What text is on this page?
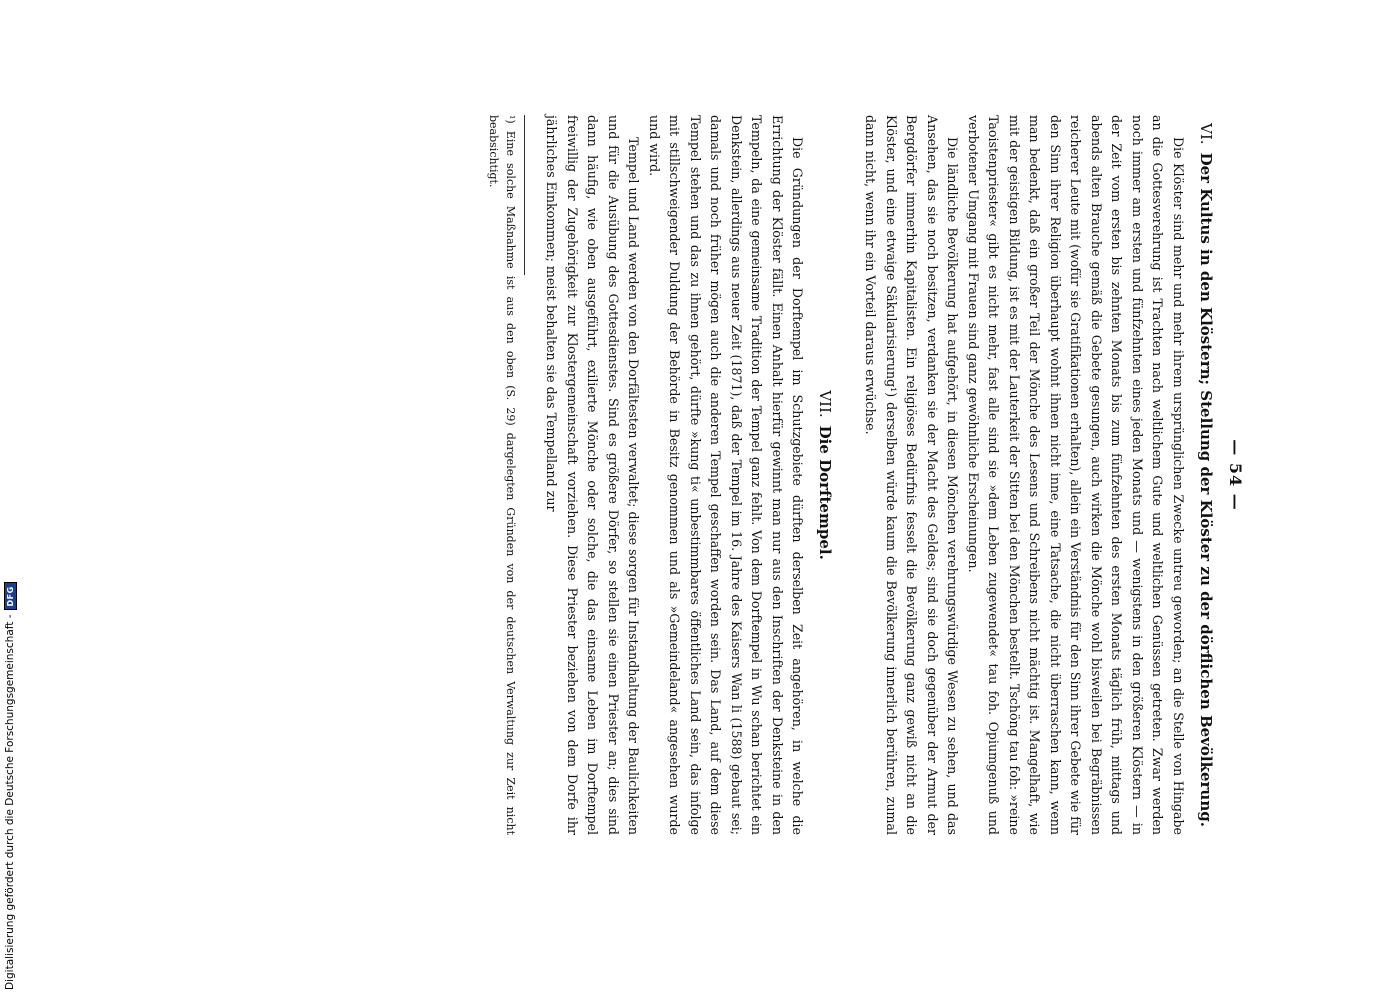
— 54 —
VI.Der Kultus in den Klöstern; Stellung der Klöster zu der dörflichen Bevölkerung.

Die Klöster sind mehr und mehr ihrem ursprünglichen Zwecke untreu geworden; an die Stelle von Hingabe an die Gottesverehrung ist Trachten nach weltlichem Gute und weltlichen Genüssen getreten. Zwar werden noch immer am ersten und fünfzehnten eines jeden Monats und — wenigstens in den größeren Klöstern — in der Zeit vom ersten bis zehnten Monats bis zum fünfzehnten des ersten Monats täglich früh, mittags und abends alten Brauche gemäß die Gebete gesungen, auch wirken die Mönche wohl bisweilen bei Begräbnissen reicherer Leute mit (wofür sie Gratifikationen erhalten), allein ein Verständnis für den Sinn ihrer Gebete wie für den Sinn ihrer Religion überhaupt wohnt ihnen nicht inne, eine Tatsache, die nicht überraschen kann, wenn man bedenkt, daß ein großer Teil der Mönche des Lesens und Schreibens nicht mächtig ist. Mangelhaft, wie mit der geistigen Bildung, ist es mit der Lauterkeit der Sitten bei den Mönchen bestellt. Tschöng tau foh: »reine Taoistenpriester« gibt es nicht mehr, fast alle sind sie »dem Leben zugewendet« tau foh. Opiumgenuß und verbotener Umgang mit Frauen sind ganz gewöhnliche Erscheinungen.

Die ländliche Bevölkerung hat aufgehört, in diesen Mönchen verehrungswürdige Wesen zu sehen, und das Ansehen, das sie noch besitzen, verdanken sie der Macht des Geldes; sind sie doch gegenüber der Armut der Bergdörfer immerhin Kapitalisten. Ein religiöses Bedürfnis fesselt die Bevölkerung ganz gewiß nicht an die Klöster, und eine etwaige Säkularisierung¹) derselben würde kaum die Bevölkerung innerlich berühren, zumal dann nicht, wenn ihr ein Vorteil daraus erwüchse.

VII.Die Dorftempel.

Die Gründungen der Dorftempel im Schutzgebiete dürften derselben Zeit angehören, in welche die Errichtung der Klöster fällt. Einen Anhalt hierfür gewinnt man nur aus den Inschriften der Denksteine in den Tempeln, da eine gemeinsame Tradition der Tempel ganz fehlt. Von dem Dorftempel in Wu schan berichtet ein Denkstein, allerdings aus neuer Zeit (1871), daß der Tempel im 16. Jahre des Kaisers Wan li (1588) gebaut sei; damals und noch früher mögen auch die anderen Tempel geschaffen worden sein. Das Land, auf dem diese Tempel stehen und das zu ihnen gehört, dürfte »kung ti« unbestimmbares öffentliches Land sein, das infolge mit stillschweigender Duldung der Behörde in Besitz genommen und als »Gemeindeland« angesehen wurde und wird.

Tempel und Land werden von den Dorfältesten verwaltet; diese sorgen für Instandhaltung der Baulichkeiten und für die Ausübung des Gottesdienstes. Sind es größere Dörfer, so stellen sie einen Priester an; dies sind dann häufig, wie oben ausgeführt, exilierte Mönche oder solche, die das einsame Leben im Dorftempel freiwillig der Zugehörigkeit zur Klostergemeinschaft vorziehen. Diese Priester beziehen von dem Dorfe ihr jährliches Einkommen; meist behalten sie das Tempelland zur

¹) Eine solche Maßnahme ist aus den oben (S. 29) dargelegten Gründen von der deutschen Verwaltung zur Zeit nicht beabsichtigt.
Digitalisierung gefördert durch die Deutsche Forschungsgemeinschaft -
DFG
